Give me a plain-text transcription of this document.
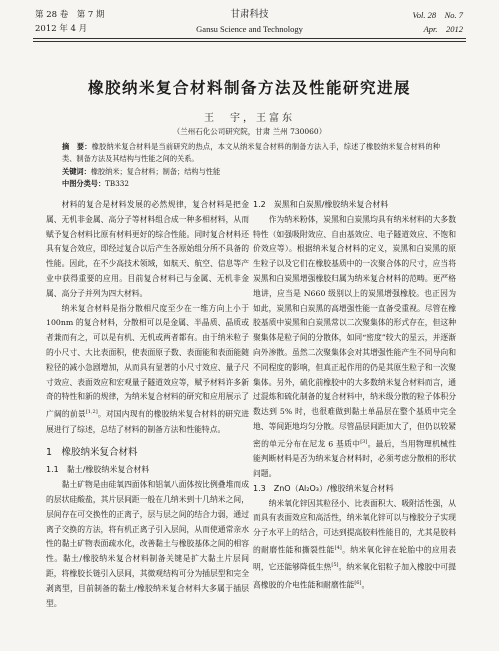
第 28 卷　第 7 期
2012 年 4 月
甘肃科技
Gansu Science and Technology
Vol. 28　No. 7
Apr.　2012
橡胶纳米复合材料制备方法及性能研究进展
王　宇，王富东
（兰州石化公司研究院，甘肃 兰州 730060）

摘　要：橡胶纳米复合材料是当前研究的热点，本文从纳米复合材料的制备方法入手，综述了橡胶纳米复合材料的种类、制备方法及其结构与性能之间的关系。

关键词：橡胶纳米；复合材料；制备；结构与性能

中图分类号：TB332

材料的复合是材料发展的必然规律，复合材料是把金属、无机非金属、高分子等材料组合成一种多相材料，从而赋予复合材料比原有材料更好的综合性能。同时复合材料还具有复合效应，即经过复合以后产生各原始组分所不具备的性能。因此，在不少高技术领域，如航天、航空、信息等产业中获得重要的应用。目前复合材料已与金属、无机非金属、高分子并列为四大材料。

纳米复合材料是指分散相尺度至少在一维方向上小于 100nm 的复合材料，分散相可以是金属、半晶质、晶质或者兼而有之，可以是有机、无机或两者都有。由于纳米粒子的小尺寸、大比表面积，使表面原子数、表面能和表面能随粒径的减小急剧增加，从而具有显著的小尺寸效应、量子尺寸效应、表面效应和宏观量子隧道效应等，赋予材料许多新奇的特性和新的规律，为纳米复合材料的研究和应用展示了广阔的前景[1,2]。对国内现有的橡胶纳米复合材料的研究进展进行了综述，总结了材料的制备方法和性能特点。

1　橡胶纳米复合材料
1.1　黏土/橡胶纳米复合材料

黏土矿物是由硅氧四面体和铝氧八面体按比例叠堆而成的层状硅酸盐，其片层间距一般在几纳米到十几纳米之间，层间存在可交换性的正离子，层与层之间的结合力弱，通过离子交换的方法，将有机正离子引入层间，从而使通常亲水性的黏土矿物表面疏水化，改善黏土与橡胶基体之间的相容性。黏土/橡胶纳米复合材料制备关键是扩大黏土片层间距，将橡胶长链引入层间，其微观结构可分为插层型和完全剥离型，目前制备的黏土/橡胶纳米复合材料大多属于插层型。

1.2　炭黑和白炭黑/橡胶纳米复合材料

作为纳米粉体，炭黑和白炭黑均具有纳米材料的大多数特性（如强吸附效应、自由基效应、电子隧道效应、不饱和价效应等）。根据纳米复合材料的定义，炭黑和白炭黑的原生粒子以及它们在橡胶基质中的一次聚合体的尺寸，应当将炭黑和白炭黑增强橡胶归属为纳米复合材料的范畴。更严格地讲，应当是 N660 级别以上的炭黑增强橡胶。也正因为如此，炭黑和白炭黑的高增强性能一直备受重视。尽管在橡胶基质中炭黑和白炭黑常以二次聚集体的形式存在，但这种聚集体是粒子间的分散体，如同“密度”较大的星云，并逐渐向外渗散。虽然二次聚集体会对其增强性能产生不同导向和不同程度的影响，但真正起作用的仍是其原生粒子和一次聚集体。另外，硫化前橡胶中的大多数纳米复合材料而言，通过混炼和硫化制备的复合材料中，纳米级分散的粒子体积分数达到 5% 时，也很难做到黏土单晶层在整个基质中完全地、等间距地均匀分散。尽管晶层间距加大了，但仍以较紧密的单元分布在尼龙 6 基质中[3]。最后，当用物理机械性能判断材料是否为纳米复合材料时，必须考虑分散相的形状问题。

1.3　ZnO（Al₂O₃）/橡胶纳米复合材料

纳米氧化锌因其粒径小、比表面积大、吸附活性强，从而具有表面效应和高活性，纳米氧化锌可以与橡胶分子实现分子水平上的结合，可达到提高胶料性能目的，尤其是胶料的耐磨性能和撕裂性能[4]。纳米氧化锌在轮胎中的应用表明，它还能够降低生热[5]。纳米氧化铝粒子加入橡胶中可提高橡胶的介电性能和耐磨性能[6]。
